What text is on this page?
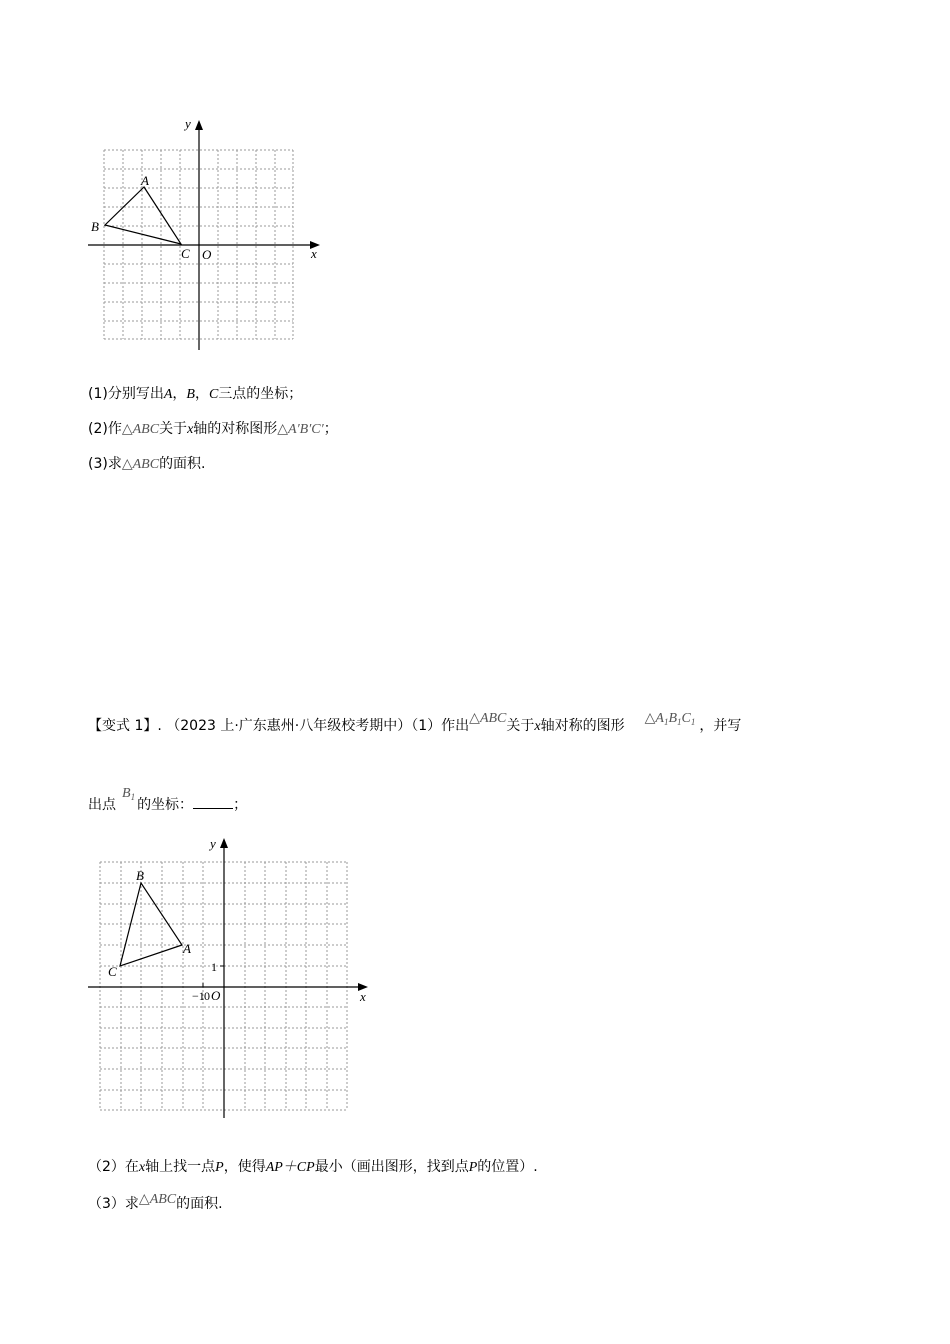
y
x
O
A
B
C
(1)分别写出A，B，C三点的坐标；
(2)作△ABC关于x轴的对称图形△A′B′C′；
(3)求△ABC的面积.
【变式 1】. （2023 上·广东惠州·八年级校考期中）（1）作出△ABC关于x轴对称的图形 $\triangle A_1B_1C_1$ ，并写
出点$B_1$ 的坐标：	；
y
x
1
−1 0 O
B
A
C
（2）在x轴上找一点P，使得AP＋CP最小（画出图形，找到点P的位置）.
（3）求△ABC的面积.
